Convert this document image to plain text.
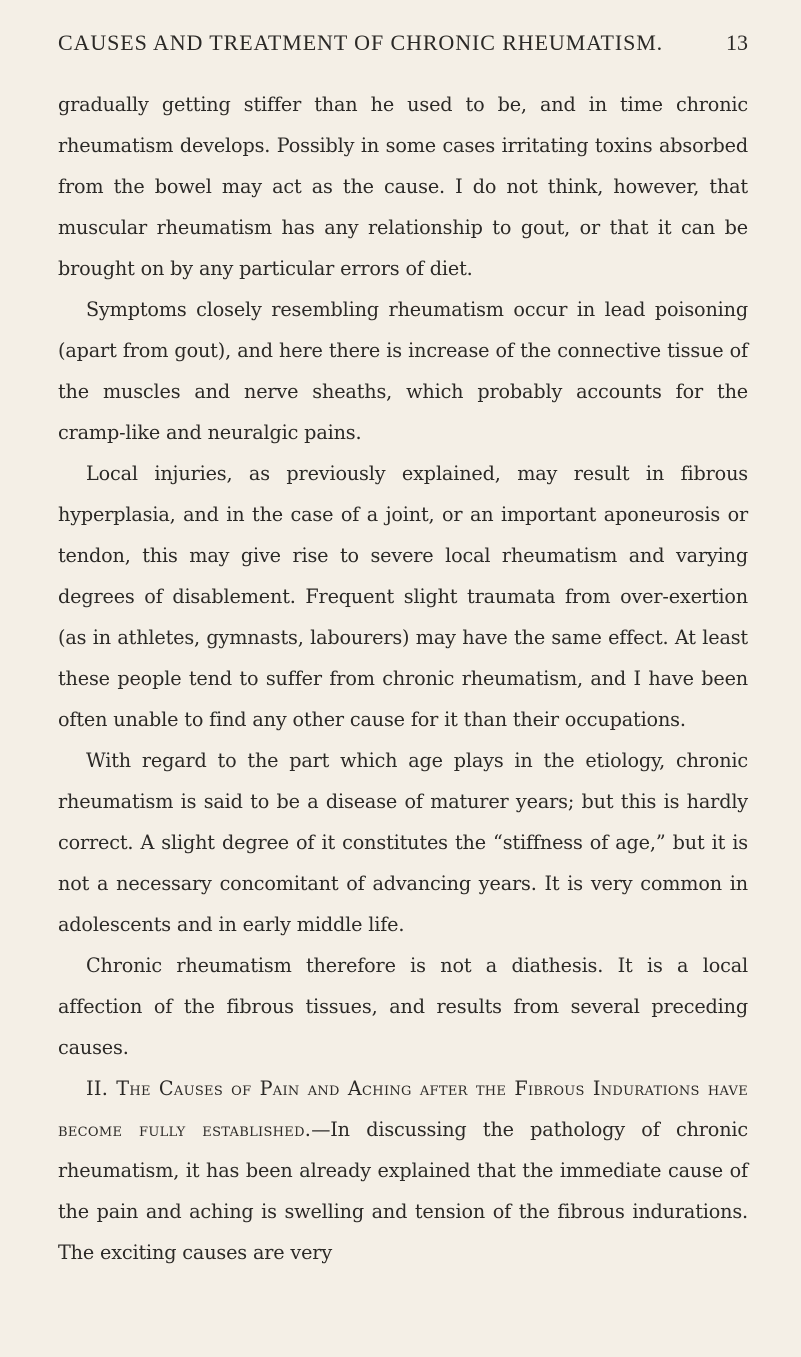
CAUSES AND TREATMENT OF CHRONIC RHEUMATISM.	13

gradually getting stiffer than he used to be, and in time chronic rheumatism develops. Possibly in some cases irritating toxins absorbed from the bowel may act as the cause. I do not think, however, that muscular rheumatism has any relationship to gout, or that it can be brought on by any particular errors of diet.

Symptoms closely resembling rheumatism occur in lead poisoning (apart from gout), and here there is increase of the connective tissue of the muscles and nerve sheaths, which probably accounts for the cramp-like and neuralgic pains.

Local injuries, as previously explained, may result in fibrous hyperplasia, and in the case of a joint, or an important aponeurosis or tendon, this may give rise to severe local rheumatism and varying degrees of disablement. Frequent slight traumata from over-exertion (as in athletes, gymnasts, labourers) may have the same effect. At least these people tend to suffer from chronic rheumatism, and I have been often unable to find any other cause for it than their occupations.

With regard to the part which age plays in the etiology, chronic rheumatism is said to be a disease of maturer years; but this is hardly correct. A slight degree of it constitutes the “stiffness of age,” but it is not a necessary concomitant of advancing years. It is very common in adolescents and in early middle life.

Chronic rheumatism therefore is not a diathesis. It is a local affection of the fibrous tissues, and results from several preceding causes.

II. The Causes of Pain and Aching after the Fibrous Indurations have become fully established.—In discussing the pathology of chronic rheumatism, it has been already explained that the immediate cause of the pain and aching is swelling and tension of the fibrous indurations. The exciting causes are very
